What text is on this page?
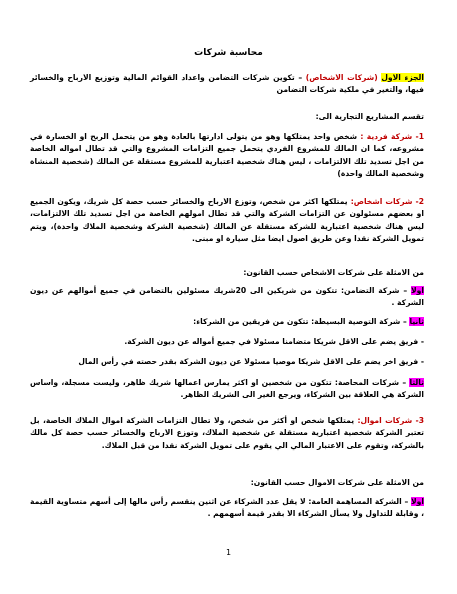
محاسبة شركات
الجزء الاول (شركات الاشخاص) – تكوين شركات التضامن واعداد القوائم المالية وتوزيع الارباح والخسائر فيها، والتغير في ملكية شركات التضامن
تقسم المشاريع التجارية الى:
1- شركة فردية : شخص واحد يمتلكها وهو من يتولى ادارتها بالعادة وهو من يتحمل الربح او الخسارة في مشروعه، كما ان المالك للمشروع الفردي يتحمل جميع التزامات المشروع والتي قد تطال امواله الخاصة من اجل تسديد تلك الالتزامات ، ليس هناك شخصية اعتبارية للمشروع مستقلة عن المالك (شخصية المنشاة وشخصية المالك واحدة)
2- شركات اشخاص: يمتلكها اكثر من شخص، وتوزع الارباح والخسائر حسب حصة كل شريك، ويكون الجميع او بعضهم مسئولون عن التزامات الشركة والتي قد تطال امولهم الخاصة من اجل تسديد تلك الالتزامات، ليس هناك شخصية اعتبارية للشركة مستقلة عن المالك (شخصية الشركة وشخصية الملاك واحدة)، ويتم تمويل الشركة نقدا وعن طريق اصول ايضا مثل سيارة او مبنى.
من الامثلة على شركات الاشخاص حسب القانون:
اولا – شركة التضامن: تتكون من شريكين الى 20شريك مسئولين بالتضامن في جميع أموالهم عن ديون الشركة .
ثانيا – شركة التوصية البسيطة: تتكون من فريقين من الشركاء:
- فريق يضم على الاقل شريكا متضامنا مسئولا في جميع أمواله عن ديون الشركة.
- فريق اخر يضم على الاقل شريكا موصيا مسئولا عن ديون الشركة بقدر حصته في رأس المال
ثالثا – شركات المحاصة: تتكون من شخصين او اكثر يمارس اعمالها شريك ظاهر، وليست مسجلة، واساس الشركة هي العلاقة بين الشركاء، ويرجع الغير الى الشريك الظاهر.
3- شركات اموال: يمتلكها شخص او أكثر من شخص، ولا تطال التزامات الشركة اموال الملاك الخاصة، بل تعتبر الشركة شخصية اعتبارية مستقلة عن شخصية الملاك، وتوزع الارباح والخسائر حسب حصة كل مالك بالشركة، وتقوم على الاعتبار المالي الي يقوم على تمويل الشركة نقدا من قبل الملاك.
من الامثلة على شركات الاموال حسب القانون:
اولا – الشركة المساهمة العامة: لا يقل عدد الشركاء عن اثنين ينقسم رأس مالها إلى أسهم متساوية القيمة ، وقابلة للتداول ولا يسأل الشركاء الا بقدر قيمة أسهمهم .
1
